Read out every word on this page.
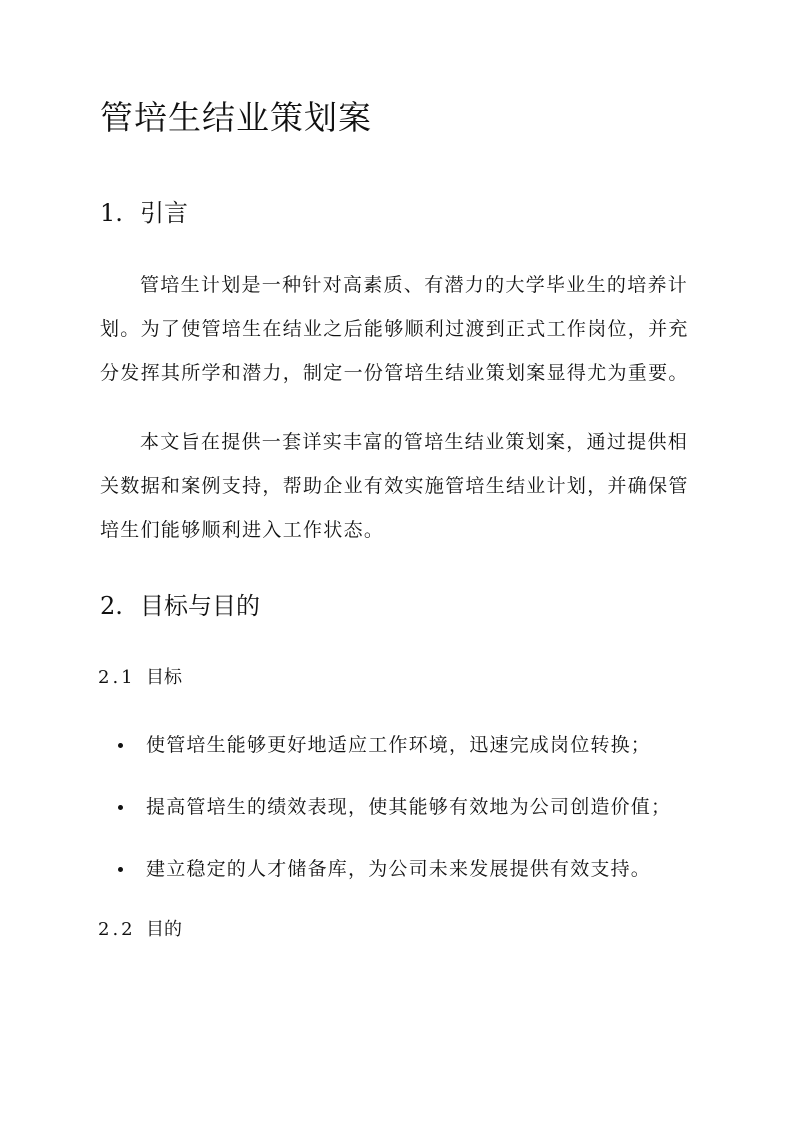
管培生结业策划案
1. 引言
管培生计划是一种针对高素质、有潜力的大学毕业生的培养计
划。为了使管培生在结业之后能够顺利过渡到正式工作岗位，并充
分发挥其所学和潜力，制定一份管培生结业策划案显得尤为重要。
本文旨在提供一套详实丰富的管培生结业策划案，通过提供相
关数据和案例支持，帮助企业有效实施管培生结业计划，并确保管
培生们能够顺利进入工作状态。
2. 目标与目的
2.1 目标
使管培生能够更好地适应工作环境，迅速完成岗位转换；
提高管培生的绩效表现，使其能够有效地为公司创造价值；
建立稳定的人才储备库，为公司未来发展提供有效支持。
2.2 目的
